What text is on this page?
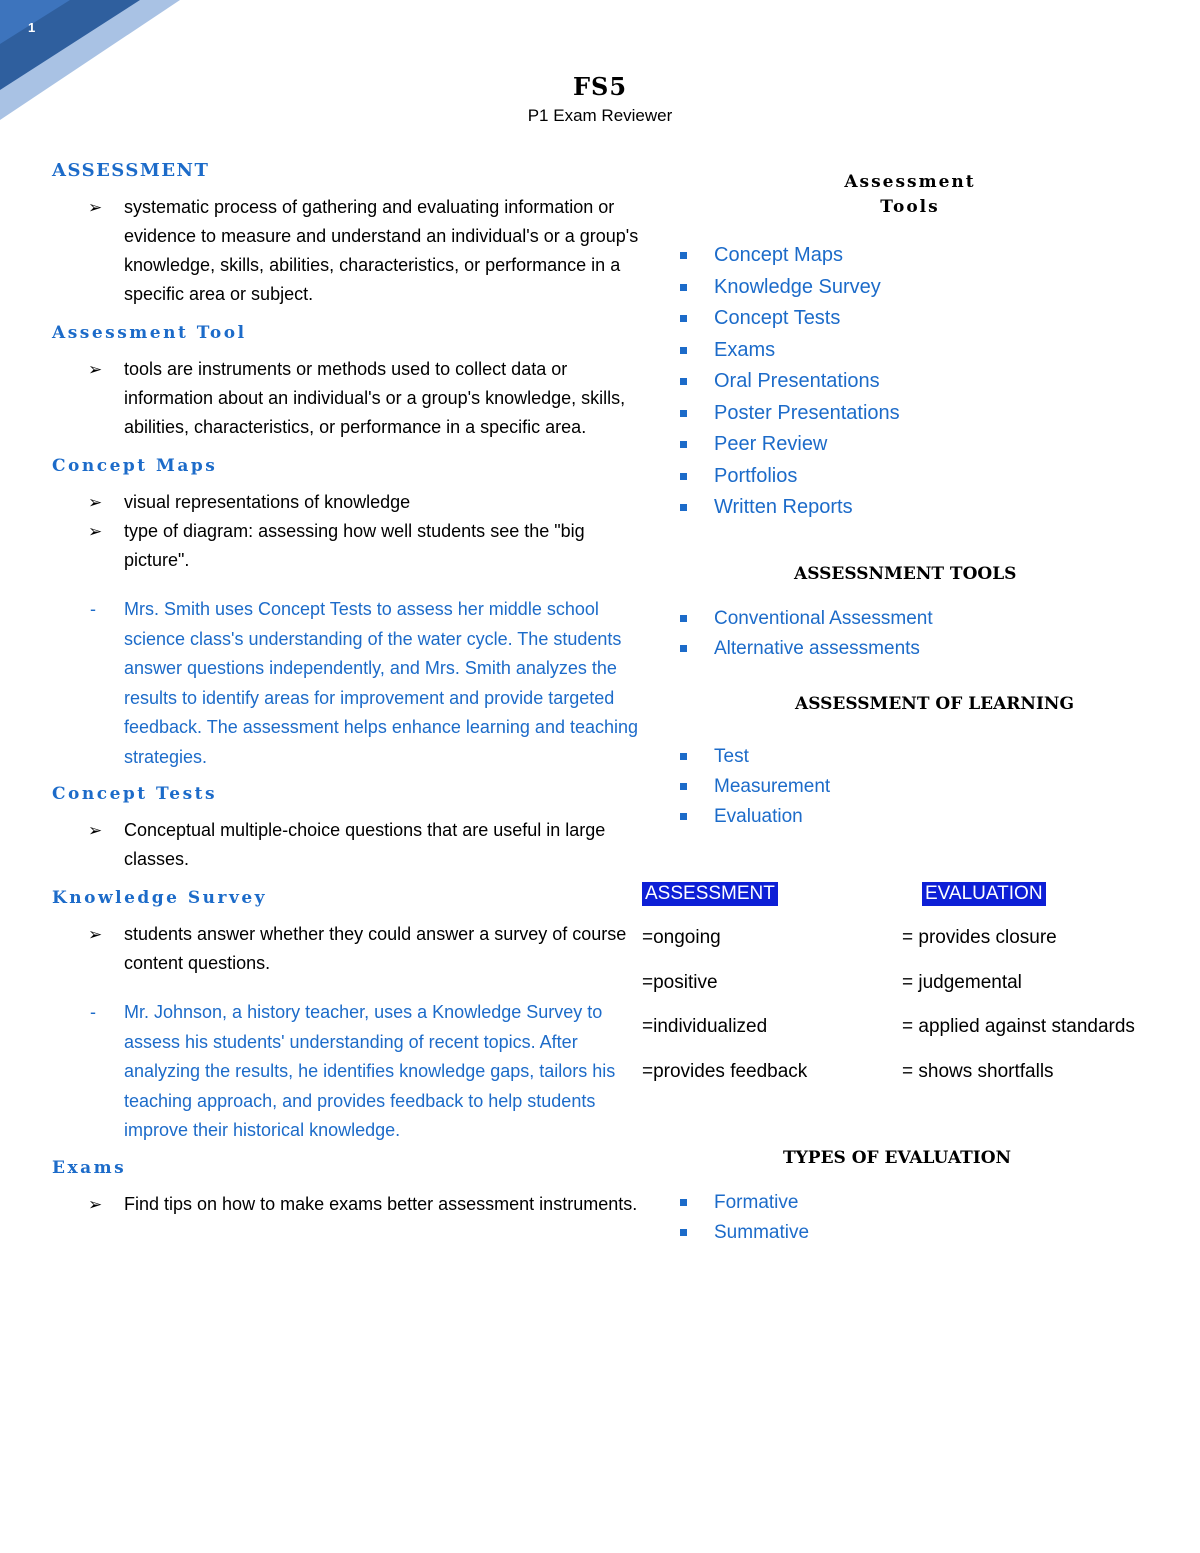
1
FS5
P1 Exam Reviewer
ASSESSMENT
➢ systematic process of gathering and evaluating information or evidence to measure and understand an individual's or a group's knowledge, skills, abilities, characteristics, or performance in a specific area or subject.
Assessment Tool
➢ tools are instruments or methods used to collect data or information about an individual's or a group's knowledge, skills, abilities, characteristics, or performance in a specific area.
Concept Maps
➢ visual representations of knowledge
➢ type of diagram: assessing how well students see the "big picture".
- Mrs. Smith uses Concept Tests to assess her middle school science class's understanding of the water cycle. The students answer questions independently, and Mrs. Smith analyzes the results to identify areas for improvement and provide targeted feedback. The assessment helps enhance learning and teaching strategies.
Concept Tests
➢ Conceptual multiple-choice questions that are useful in large classes.
Knowledge Survey
➢ students answer whether they could answer a survey of course content questions.
- Mr. Johnson, a history teacher, uses a Knowledge Survey to assess his students' understanding of recent topics. After analyzing the results, he identifies knowledge gaps, tailors his teaching approach, and provides feedback to help students improve their historical knowledge.
Exams
➢ Find tips on how to make exams better assessment instruments.
Assessment
Tools
Concept Maps
Knowledge Survey
Concept Tests
Exams
Oral Presentations
Poster Presentations
Peer Review
Portfolios
Written Reports
ASSESSNMENT TOOLS
Conventional Assessment
Alternative assessments
ASSESSMENT OF LEARNING
Test
Measurement
Evaluation
ASSESSMENT	EVALUATION
=ongoing
=positive
=individualized
=provides feedback
= provides closure
= judgemental
= applied against standards
= shows shortfalls
TYPES OF EVALUATION
Formative
Summative
